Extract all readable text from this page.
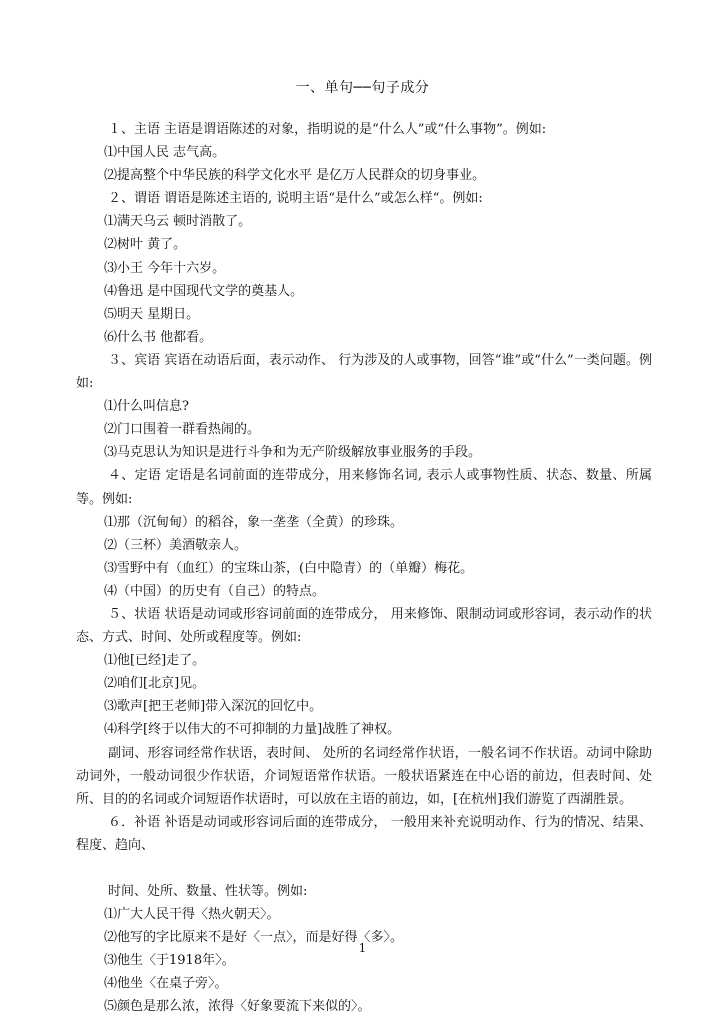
一、单句──句子成分

１、主语 主语是谓语陈述的对象，指明说的是“什么人”或“什么事物”。例如:

⑴中国人民 志气高。

⑵提高整个中华民族的科学文化水平 是亿万人民群众的切身事业。

２、谓语 谓语是陈述主语的, 说明主语“是什么”或怎么样“。例如:

⑴满天乌云 顿时消散了。

⑵树叶 黄了。

⑶小王 今年十六岁。

⑷鲁迅 是中国现代文学的奠基人。

⑸明天 星期日。

⑹什么书 他都看。

３、宾语 宾语在动语后面，表示动作、 行为涉及的人或事物，回答“谁”或“什么”一类问题。例如:

⑴什么叫信息?

⑵门口围着一群看热闹的。

⑶马克思认为知识是进行斗争和为无产阶级解放事业服务的手段。

４、定语 定语是名词前面的连带成分，用来修饰名词, 表示人或事物性质、状态、数量、所属等。例如:

⑴那（沉甸甸）的稻谷，象一垄垄（全黄）的珍珠。

⑵（三杯）美酒敬亲人。

⑶雪野中有（血红）的宝珠山茶，(白中隐青）的（单瓣）梅花。

⑷（中国）的历史有（自己）的特点。

５、状语 状语是动词或形容词前面的连带成分， 用来修饰、限制动词或形容词，表示动作的状态、方式、时间、处所或程度等。例如:

⑴他[已经]走了。

⑵咱们[北京]见。

⑶歌声[把王老师]带入深沉的回忆中。

⑷科学[终于以伟大的不可抑制的力量]战胜了神权。

副词、形容词经常作状语，表时间、 处所的名词经常作状语，一般名词不作状语。动词中除助动词外，一般动词很少作状语，介词短语常作状语。一般状语紧连在中心语的前边，但表时间、处所、目的的名词或介词短语作状语时，可以放在主语的前边，如，[在杭州]我们游览了西湖胜景。

６．补语 补语是动词或形容词后面的连带成分， 一般用来补充说明动作、行为的情况、结果、程度、趋向、

时间、处所、数量、性状等。例如:

⑴广大人民干得〈热火朝天〉。

⑵他写的字比原来不是好〈一点〉，而是好得〈多〉。

⑶他生〈于1918年〉。

⑷他坐〈在桌子旁〉。

⑸颜色是那么浓，浓得〈好象要流下来似的〉。

1
